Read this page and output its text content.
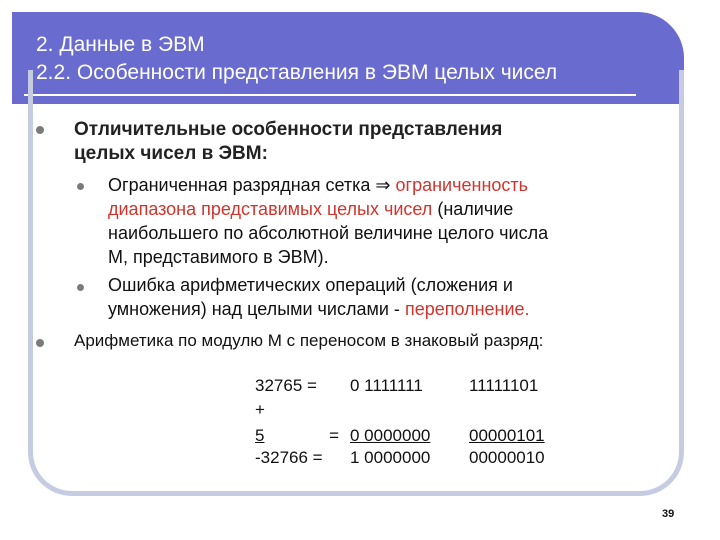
2. Данные в ЭВМ
2.2. Особенности представления в ЭВМ целых чисел
Отличительные особенности представления
целых чисел в ЭВМ:
Ограниченная разрядная сетка ⇒ ограниченность
диапазона представимых целых чисел (наличие
наибольшего по абсолютной величине целого числа
М, представимого в ЭВМ).
Ошибка арифметических операций (сложения и
умножения) над целыми числами - переполнение.
Арифметика по модулю М с переносом в знаковый разряд:
32765 = 0 1111111	11111101
+
5	= 0 0000000 00000101
-32766 = 1 0000000 00000010
39
